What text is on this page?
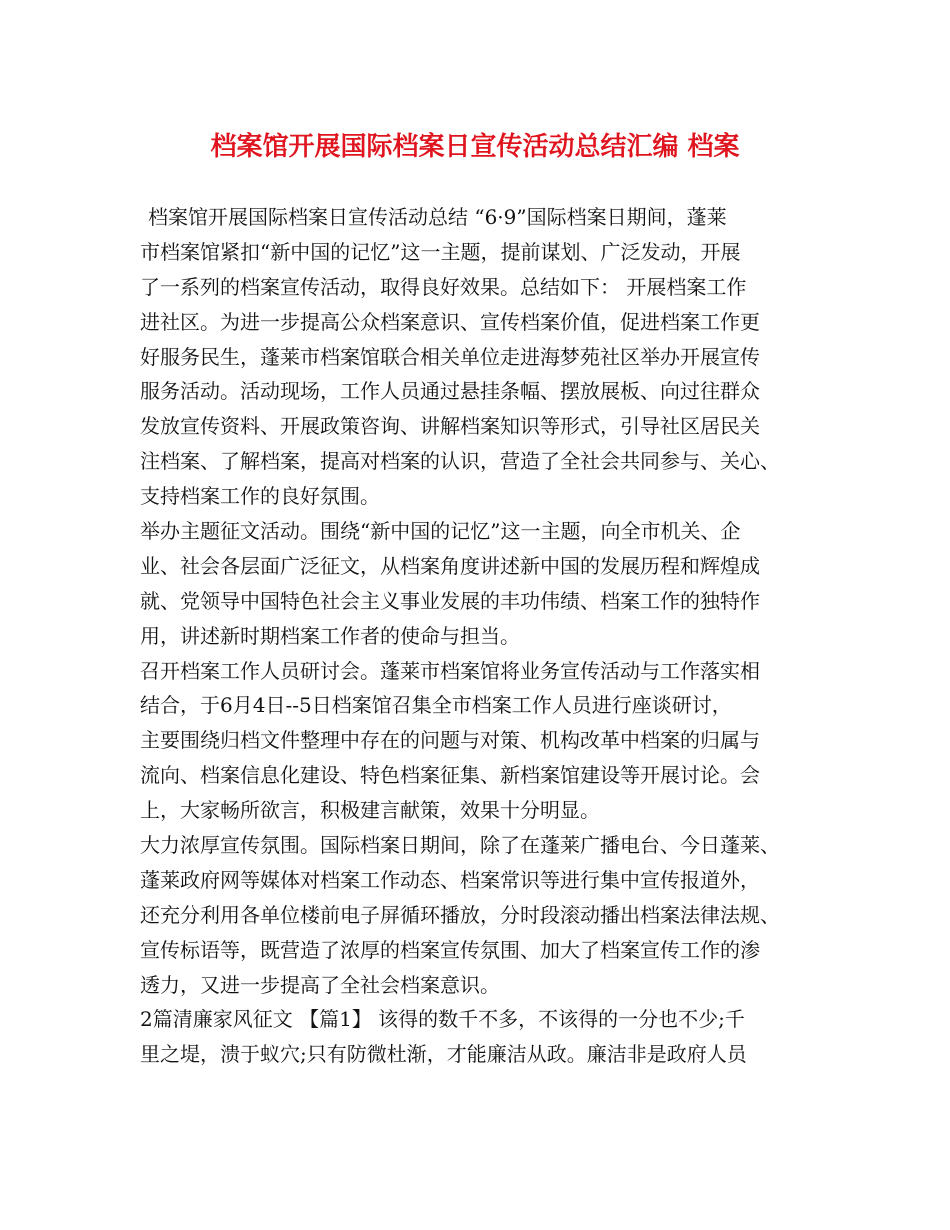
档案馆开展国际档案日宣传活动总结汇编 档案
档案馆开展国际档案日宣传活动总结 “6·9”国际档案日期间，蓬莱
市档案馆紧扣“新中国的记忆”这一主题，提前谋划、广泛发动，开展
了一系列的档案宣传活动，取得良好效果。总结如下： 开展档案工作
进社区。为进一步提高公众档案意识、宣传档案价值，促进档案工作更
好服务民生，蓬莱市档案馆联合相关单位走进海梦苑社区举办开展宣传
服务活动。活动现场，工作人员通过悬挂条幅、摆放展板、向过往群众
发放宣传资料、开展政策咨询、讲解档案知识等形式，引导社区居民关
注档案、了解档案，提高对档案的认识，营造了全社会共同参与、关心、
支持档案工作的良好氛围。
举办主题征文活动。围绕“新中国的记忆”这一主题，向全市机关、企
业、社会各层面广泛征文，从档案角度讲述新中国的发展历程和辉煌成
就、党领导中国特色社会主义事业发展的丰功伟绩、档案工作的独特作
用，讲述新时期档案工作者的使命与担当。
召开档案工作人员研讨会。蓬莱市档案馆将业务宣传活动与工作落实相
结合，于6月4日--5日档案馆召集全市档案工作人员进行座谈研讨，
主要围绕归档文件整理中存在的问题与对策、机构改革中档案的归属与
流向、档案信息化建设、特色档案征集、新档案馆建设等开展讨论。会
上，大家畅所欲言，积极建言献策，效果十分明显。
大力浓厚宣传氛围。国际档案日期间，除了在蓬莱广播电台、今日蓬莱、
蓬莱政府网等媒体对档案工作动态、档案常识等进行集中宣传报道外，
还充分利用各单位楼前电子屏循环播放，分时段滚动播出档案法律法规、
宣传标语等，既营造了浓厚的档案宣传氛围、加大了档案宣传工作的渗
透力，又进一步提高了全社会档案意识。
2篇清廉家风征文 【篇1】 该得的数千不多，不该得的一分也不少;千
里之堤，溃于蚁穴;只有防微杜渐，才能廉洁从政。廉洁非是政府人员
